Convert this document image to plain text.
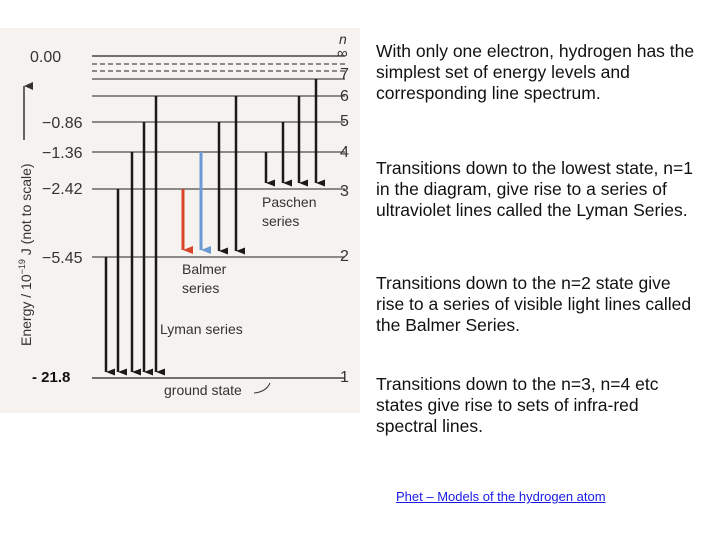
Energy / $10^{-19}$ J (not to scale)
0.00
−0.86
−1.36
−2.42
−5.45
- 21.8
n
∞
7
6
5
4
3
2
1
Paschen
series
Balmer
series
Lyman series
ground state

With only one electron, hydrogen has the simplest set of energy levels and corresponding line spectrum.

Transitions down to the lowest state, n=1 in the diagram, give rise to a series of ultraviolet lines called the Lyman Series.

Transitions down to the n=2 state give rise to a series of visible light lines called the Balmer Series.

Transitions down to the n=3, n=4 etc states give rise to sets of infra-red spectral lines.

Phet – Models of the hydrogen atom
